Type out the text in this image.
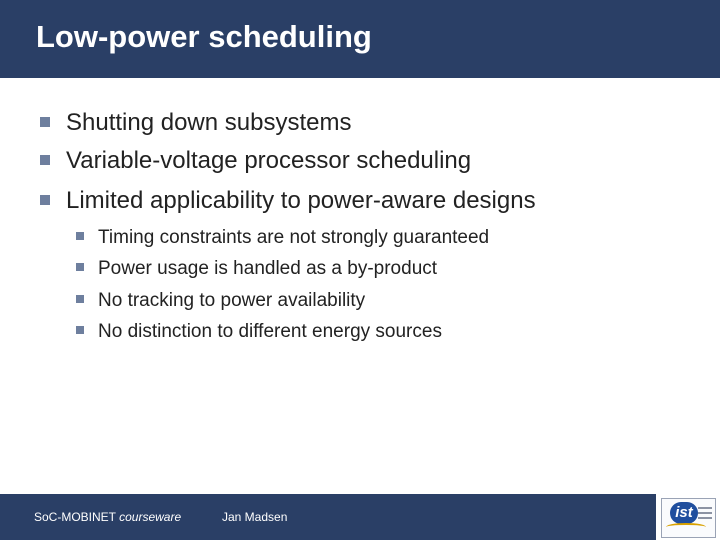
Low-power scheduling
Shutting down subsystems
Variable-voltage processor scheduling
Limited applicability to power-aware designs
Timing constraints are not strongly guaranteed
Power usage is handled as a by-product
No tracking to power availability
No distinction to different energy sources
SoC-MOBINET courseware	Jan Madsen	ist
